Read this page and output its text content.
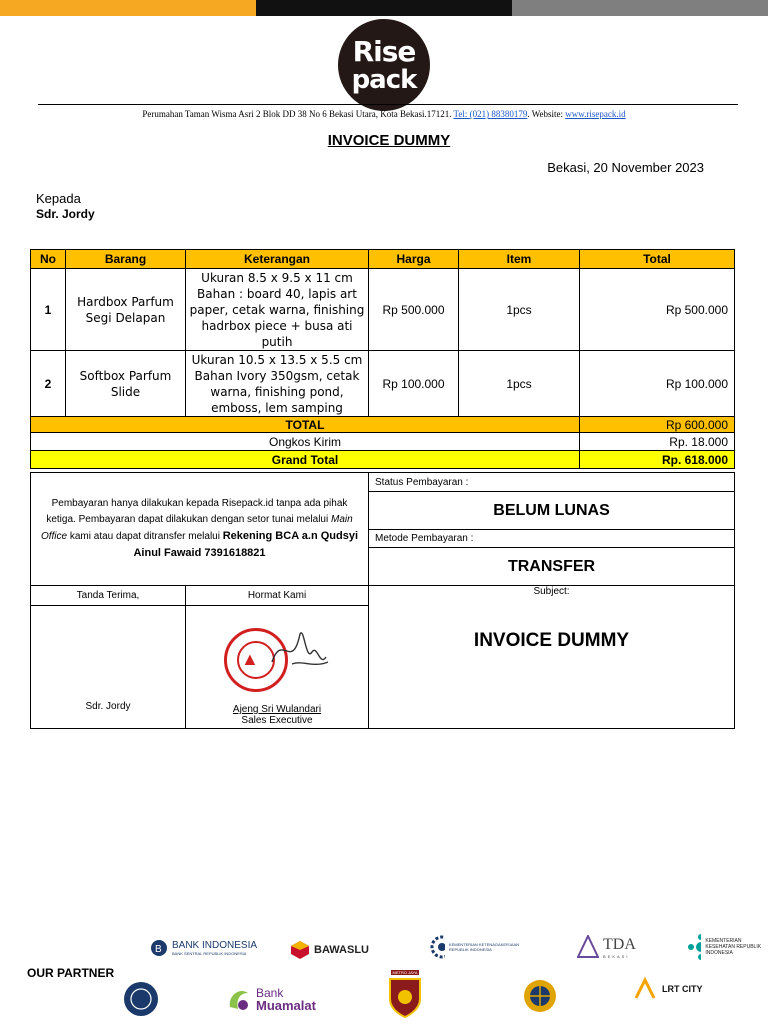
Rise
pack
Perumahan Taman Wisma Asri 2 Blok DD 38 No 6 Bekasi Utara, Kota Bekasi.17121. Tel: (021) 88380179. Website: www.risepack.id
INVOICE DUMMY
Bekasi, 20 November 2023
Kepada
Sdr. Jordy
No	Barang	Keterangan	Harga	Item	Total
1	Hardbox Parfum Segi Delapan	Ukuran 8.5 x 9.5 x 11 cm Bahan : board 40, lapis art paper, cetak warna, finishing hadrbox piece + busa ati putih	Rp 500.000	1pcs	Rp 500.000
2	Softbox Parfum Slide	Ukuran 10.5 x 13.5 x 5.5 cm Bahan Ivory 350gsm, cetak warna, finishing pond, emboss, lem samping	Rp 100.000	1pcs	Rp 100.000
TOTAL					Rp 600.000
Ongkos Kirim					Rp. 18.000
Grand Total					Rp. 618.000
Pembayaran hanya dilakukan kepada Risepack.id tanpa ada pihak ketiga. Pembayaran dapat dilakukan dengan setor tunai melalui Main Office kami atau dapat ditransfer melalui Rekening BCA a.n Qudsyi Ainul Fawaid 7391618821		Status Pembayaran :
		BELUM LUNAS
		Metode Pembayaran :
		TRANSFER
Tanda Terima,	Hormat Kami	Subject:
INVOICE DUMMY

Sdr. Jordy	Ajeng Sri Wulandari
Sales Executive	
▲
OUR PARTNER
B BANK INDONESIA
BANK SENTRAL REPUBLIK INDONESIA	BAWASLU	KEMENTERIAN KETENAGAKERJAAN REPUBLIK INDONESIA	TDA
BEKASI
KEMENTERIAN KESEHATAN REPUBLIK INDONESIA
Bank
Muamalat
METRO JAYA
LRT CITY
